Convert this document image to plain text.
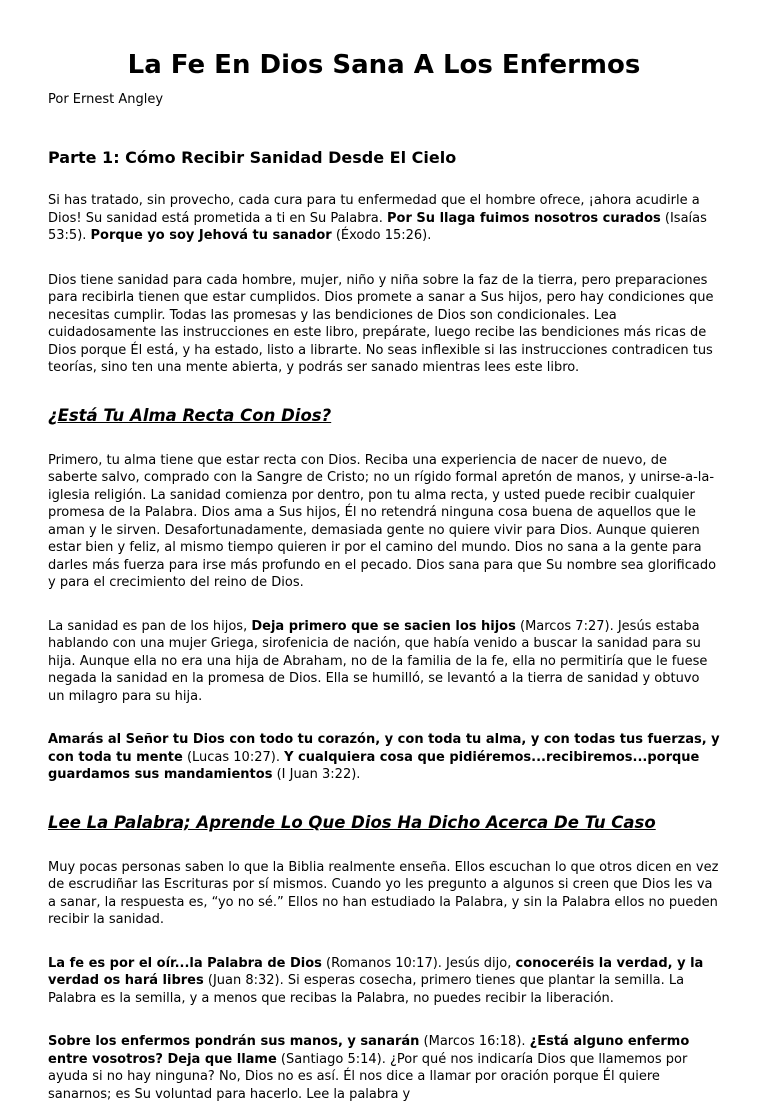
La Fe En Dios Sana A Los Enfermos
Por Ernest Angley
Parte 1: Cómo Recibir Sanidad Desde El Cielo

Si has tratado, sin provecho, cada cura para tu enfermedad que el hombre ofrece, ¡ahora acudirle a Dios! Su sanidad está prometida a ti en Su Palabra. Por Su llaga fuimos nosotros curados (Isaías 53:5). Porque yo soy Jehová tu sanador (Éxodo 15:26).

Dios tiene sanidad para cada hombre, mujer, niño y niña sobre la faz de la tierra, pero preparaciones para recibirla tienen que estar cumplidos. Dios promete a sanar a Sus hijos, pero hay condiciones que necesitas cumplir. Todas las promesas y las bendiciones de Dios son condicionales. Lea cuidadosamente las instrucciones en este libro, prepárate, luego recibe las bendiciones más ricas de Dios porque Él está, y ha estado, listo a librarte. No seas inflexible si las instrucciones contradicen tus teorías, sino ten una mente abierta, y podrás ser sanado mientras lees este libro.

¿Está Tu Alma Recta Con Dios?

Primero, tu alma tiene que estar recta con Dios. Reciba una experiencia de nacer de nuevo, de saberte salvo, comprado con la Sangre de Cristo; no un rígido formal apretón de manos, y unirse-a-la-iglesia religión. La sanidad comienza por dentro, pon tu alma recta, y usted puede recibir cualquier promesa de la Palabra. Dios ama a Sus hijos, Él no retendrá ninguna cosa buena de aquellos que le aman y le sirven. Desafortunadamente, demasiada gente no quiere vivir para Dios. Aunque quieren estar bien y feliz, al mismo tiempo quieren ir por el camino del mundo. Dios no sana a la gente para darles más fuerza para irse más profundo en el pecado. Dios sana para que Su nombre sea glorificado y para el crecimiento del reino de Dios.

La sanidad es pan de los hijos, Deja primero que se sacien los hijos (Marcos 7:27). Jesús estaba hablando con una mujer Griega, sirofenicia de nación, que había venido a buscar la sanidad para su hija. Aunque ella no era una hija de Abraham, no de la familia de la fe, ella no permitiría que le fuese negada la sanidad en la promesa de Dios. Ella se humilló, se levantó a la tierra de sanidad y obtuvo un milagro para su hija.

Amarás al Señor tu Dios con todo tu corazón, y con toda tu alma, y con todas tus fuerzas, y con toda tu mente (Lucas 10:27). Y cualquiera cosa que pidiéremos...recibiremos...porque guardamos sus mandamientos (I Juan 3:22).

Lee La Palabra; Aprende Lo Que Dios Ha Dicho Acerca De Tu Caso

Muy pocas personas saben lo que la Biblia realmente enseña. Ellos escuchan lo que otros dicen en vez de escrudiñar las Escrituras por sí mismos. Cuando yo les pregunto a algunos si creen que Dios les va a sanar, la respuesta es, “yo no sé.” Ellos no han estudiado la Palabra, y sin la Palabra ellos no pueden recibir la sanidad.

La fe es por el oír...la Palabra de Dios (Romanos 10:17). Jesús dijo, conoceréis la verdad, y la verdad os hará libres (Juan 8:32). Si esperas cosecha, primero tienes que plantar la semilla. La Palabra es la semilla, y a menos que recibas la Palabra, no puedes recibir la liberación.

Sobre los enfermos pondrán sus manos, y sanarán (Marcos 16:18). ¿Está alguno enfermo entre vosotros? Deja que llame (Santiago 5:14). ¿Por qué nos indicaría Dios que llamemos por ayuda si no hay ninguna? No, Dios no es así. Él nos dice a llamar por oración porque Él quiere sanarnos; es Su voluntad para hacerlo. Lee la palabra y
